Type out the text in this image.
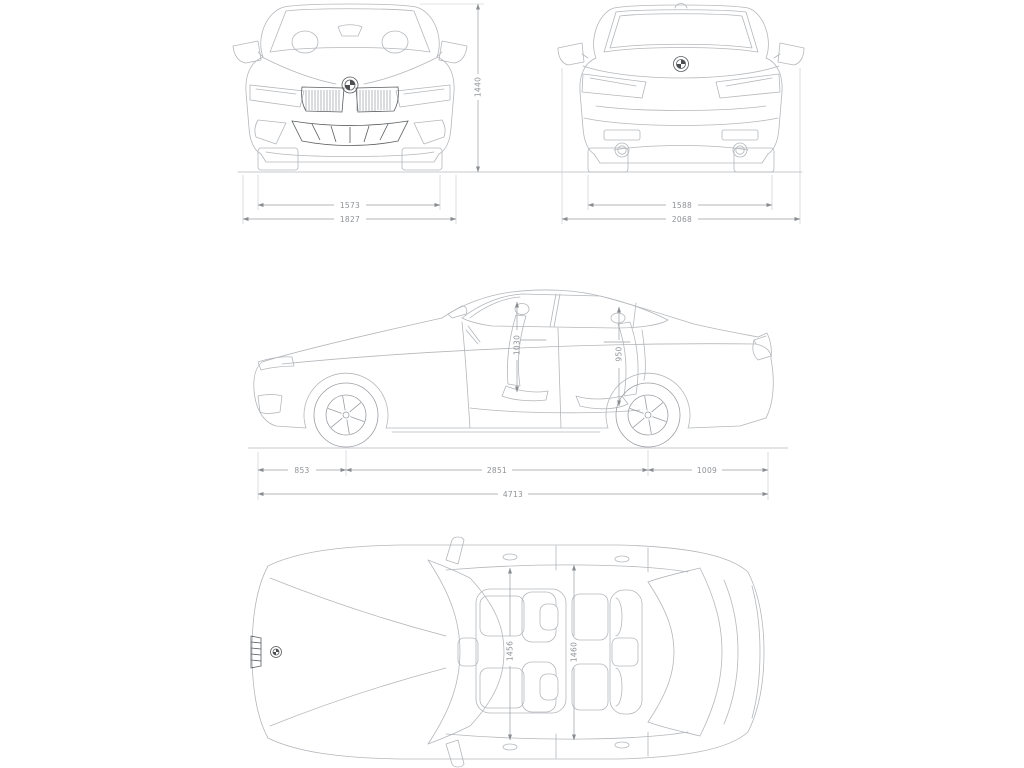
1440
1573
1827
1588
2068
1030	950
853	2851	1009
4713
1456	1460
